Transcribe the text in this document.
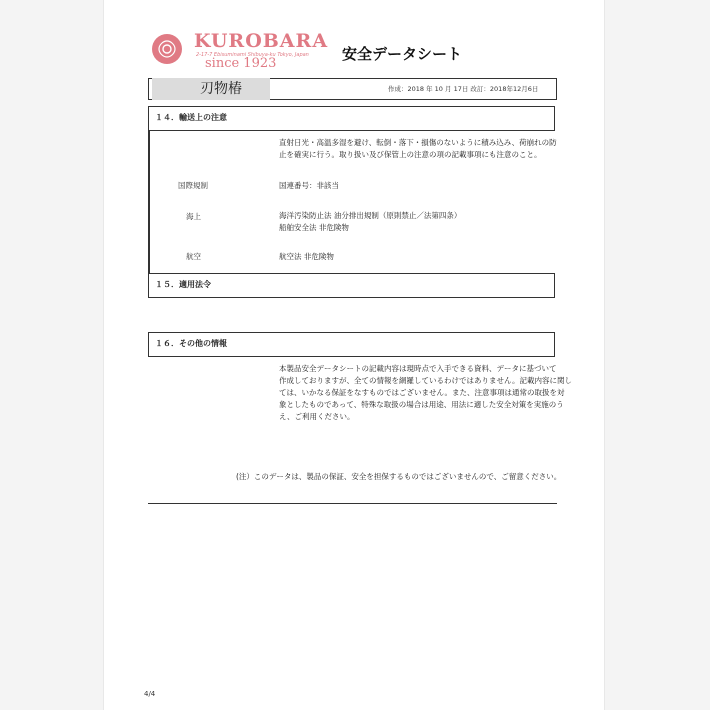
KUROBARA
2-17-7 Ebisuminami Shibuya-ku Tokyo, Japan
since 1923
安全データシート
刃物椿	作成：2018 年 10 月 17日 改訂：2018年12月6日
１４．輸送上の注意
直射日光・高温多湿を避け、転倒・落下・損傷のないように積み込み、荷崩れの防
止を確実に行う。取り扱い及び保管上の注意の項の記載事項にも注意のこと。
国際規制	国連番号：非該当
海上	海洋汚染防止法 油分排出規制（原則禁止／法第四条）
船舶安全法 非危険物
航空	航空法 非危険物
１５．適用法令
１６．その他の情報
本製品安全データシートの記載内容は現時点で入手できる資料、データに基づいて
作成しておりますが、全ての情報を網羅しているわけではありません。記載内容に関し
ては、いかなる保証をなすものではございません。また、注意事項は通常の取扱を対
象としたものであって、特殊な取扱の場合は用途、用法に適した安全対策を実施のう
え、ご利用ください。
(注）このデータは、製品の保証、安全を担保するものではございませんので、ご留意ください。
4/4
